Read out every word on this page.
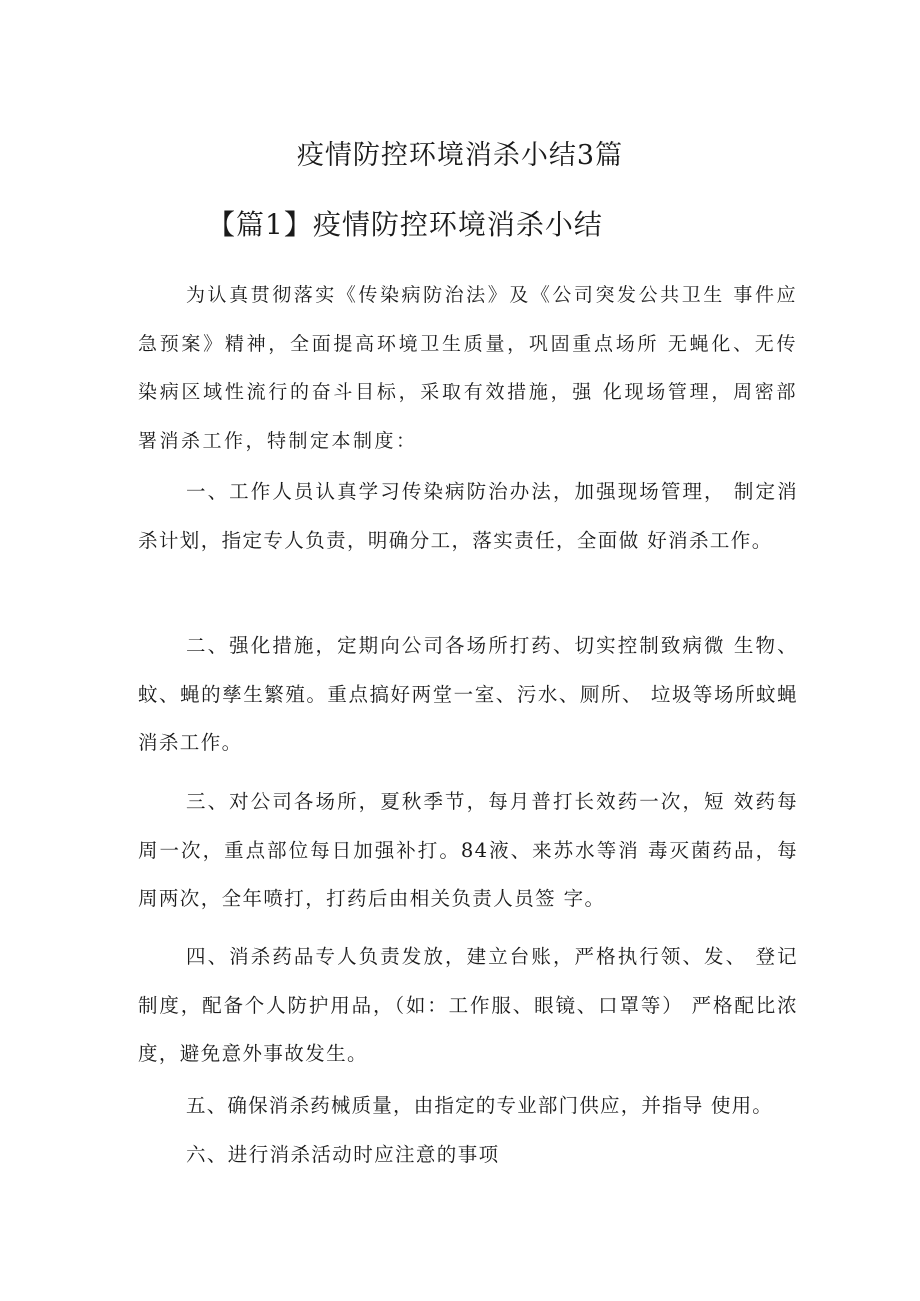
疫情防控环境消杀小结3篇
【篇1】疫情防控环境消杀小结
为认真贯彻落实《传染病防治法》及《公司突发公共卫生 事件应急预案》精神，全面提高环境卫生质量，巩固重点场所 无蝇化、无传染病区域性流行的奋斗目标，采取有效措施，强 化现场管理，周密部署消杀工作，特制定本制度：
一、工作人员认真学习传染病防治办法，加强现场管理， 制定消杀计划，指定专人负责，明确分工，落实责任，全面做 好消杀工作。
二、强化措施，定期向公司各场所打药、切实控制致病微 生物、蚊、蝇的孳生繁殖。重点搞好两堂一室、污水、厕所、 垃圾等场所蚊蝇消杀工作。
三、对公司各场所，夏秋季节，每月普打长效药一次，短 效药每周一次，重点部位每日加强补打。84液、来苏水等消 毒灭菌药品，每周两次，全年喷打，打药后由相关负责人员签 字。
四、消杀药品专人负责发放，建立台账，严格执行领、发、 登记制度，配备个人防护用品，（如：工作服、眼镜、口罩等） 严格配比浓度，避免意外事故发生。
五、确保消杀药械质量，由指定的专业部门供应，并指导 使用。
六、进行消杀活动时应注意的事项
